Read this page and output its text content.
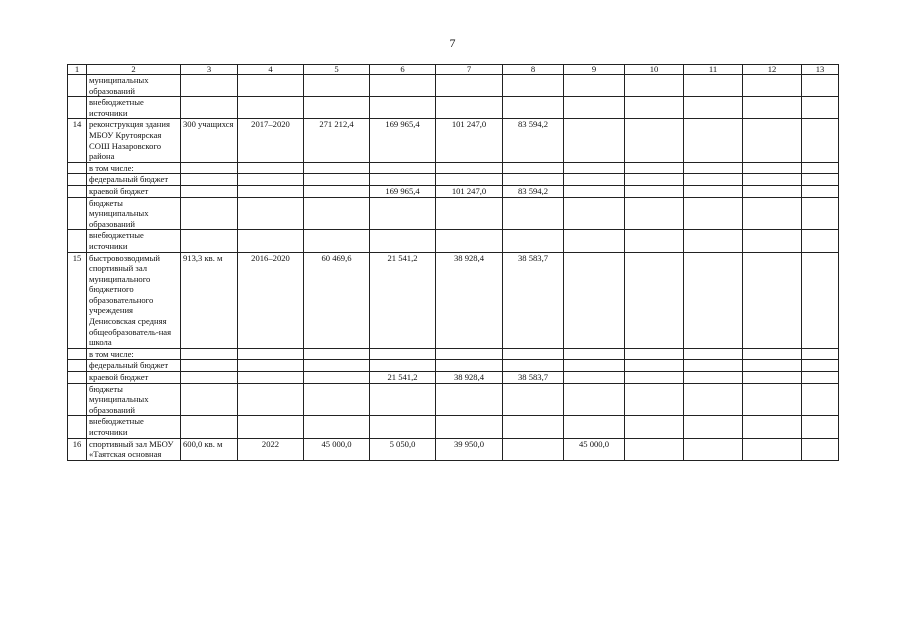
7
1	2	3	4	5	6	7	8	9	10	11	12	13
	муниципальных образований											
	внебюджетные источники											
14	реконструкция здания МБОУ Крутоярская СОШ Назаровского района	300 учащихся	2017–2020	271 212,4	169 965,4	101 247,0	83 594,2					
	в том числе:											
	федеральный бюджет											
	краевой бюджет				169 965,4	101 247,0	83 594,2					
	бюджеты муниципальных образований											
	внебюджетные источники											
15	быстровозводимый спортивный зал муниципального бюджетного образовательного учреждения Денисовская средняя общеобразователь-ная школа	913,3 кв. м	2016–2020	60 469,6	21 541,2	38 928,4	38 583,7					
	в том числе:											
	федеральный бюджет											
	краевой бюджет				21 541,2	38 928,4	38 583,7					
	бюджеты муниципальных образований											
	внебюджетные источники											
16	спортивный зал МБОУ «Таятская основная	600,0 кв. м	2022	45 000,0	5 050,0	39 950,0		45 000,0				
